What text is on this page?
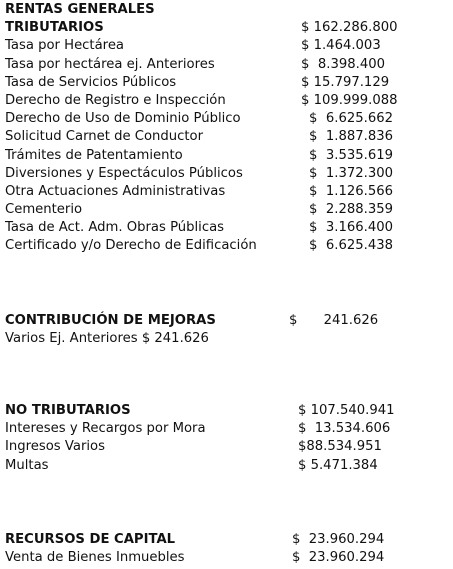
RENTAS GENERALES
TRIBUTARIOS	$ 162.286.800
Tasa por Hectárea	$ 1.464.003
Tasa por hectárea ej. Anteriores	$ 8.398.400
Tasa de Servicios Públicos	$ 15.797.129
Derecho de Registro e Inspección	$ 109.999.088
Derecho de Uso de Dominio Público	$ 6.625.662
Solicitud Carnet de Conductor	$ 1.887.836
Trámites de Patentamiento	$ 3.535.619
Diversiones y Espectáculos Públicos	$ 1.372.300
Otra Actuaciones Administrativas	$ 1.126.566
Cementerio	$ 2.288.359
Tasa de Act. Adm. Obras Públicas	$ 3.166.400
Certificado y/o Derecho de Edificación	$ 6.625.438
CONTRIBUCIÓN DE MEJORAS	$ 241.626
Varios Ej. Anteriores $ 241.626
NO TRIBUTARIOS	$ 107.540.941
Intereses y Recargos por Mora	$ 13.534.606
Ingresos Varios	$88.534.951
Multas	$ 5.471.384
RECURSOS DE CAPITAL	$ 23.960.294
Venta de Bienes Inmuebles	$ 23.960.294
